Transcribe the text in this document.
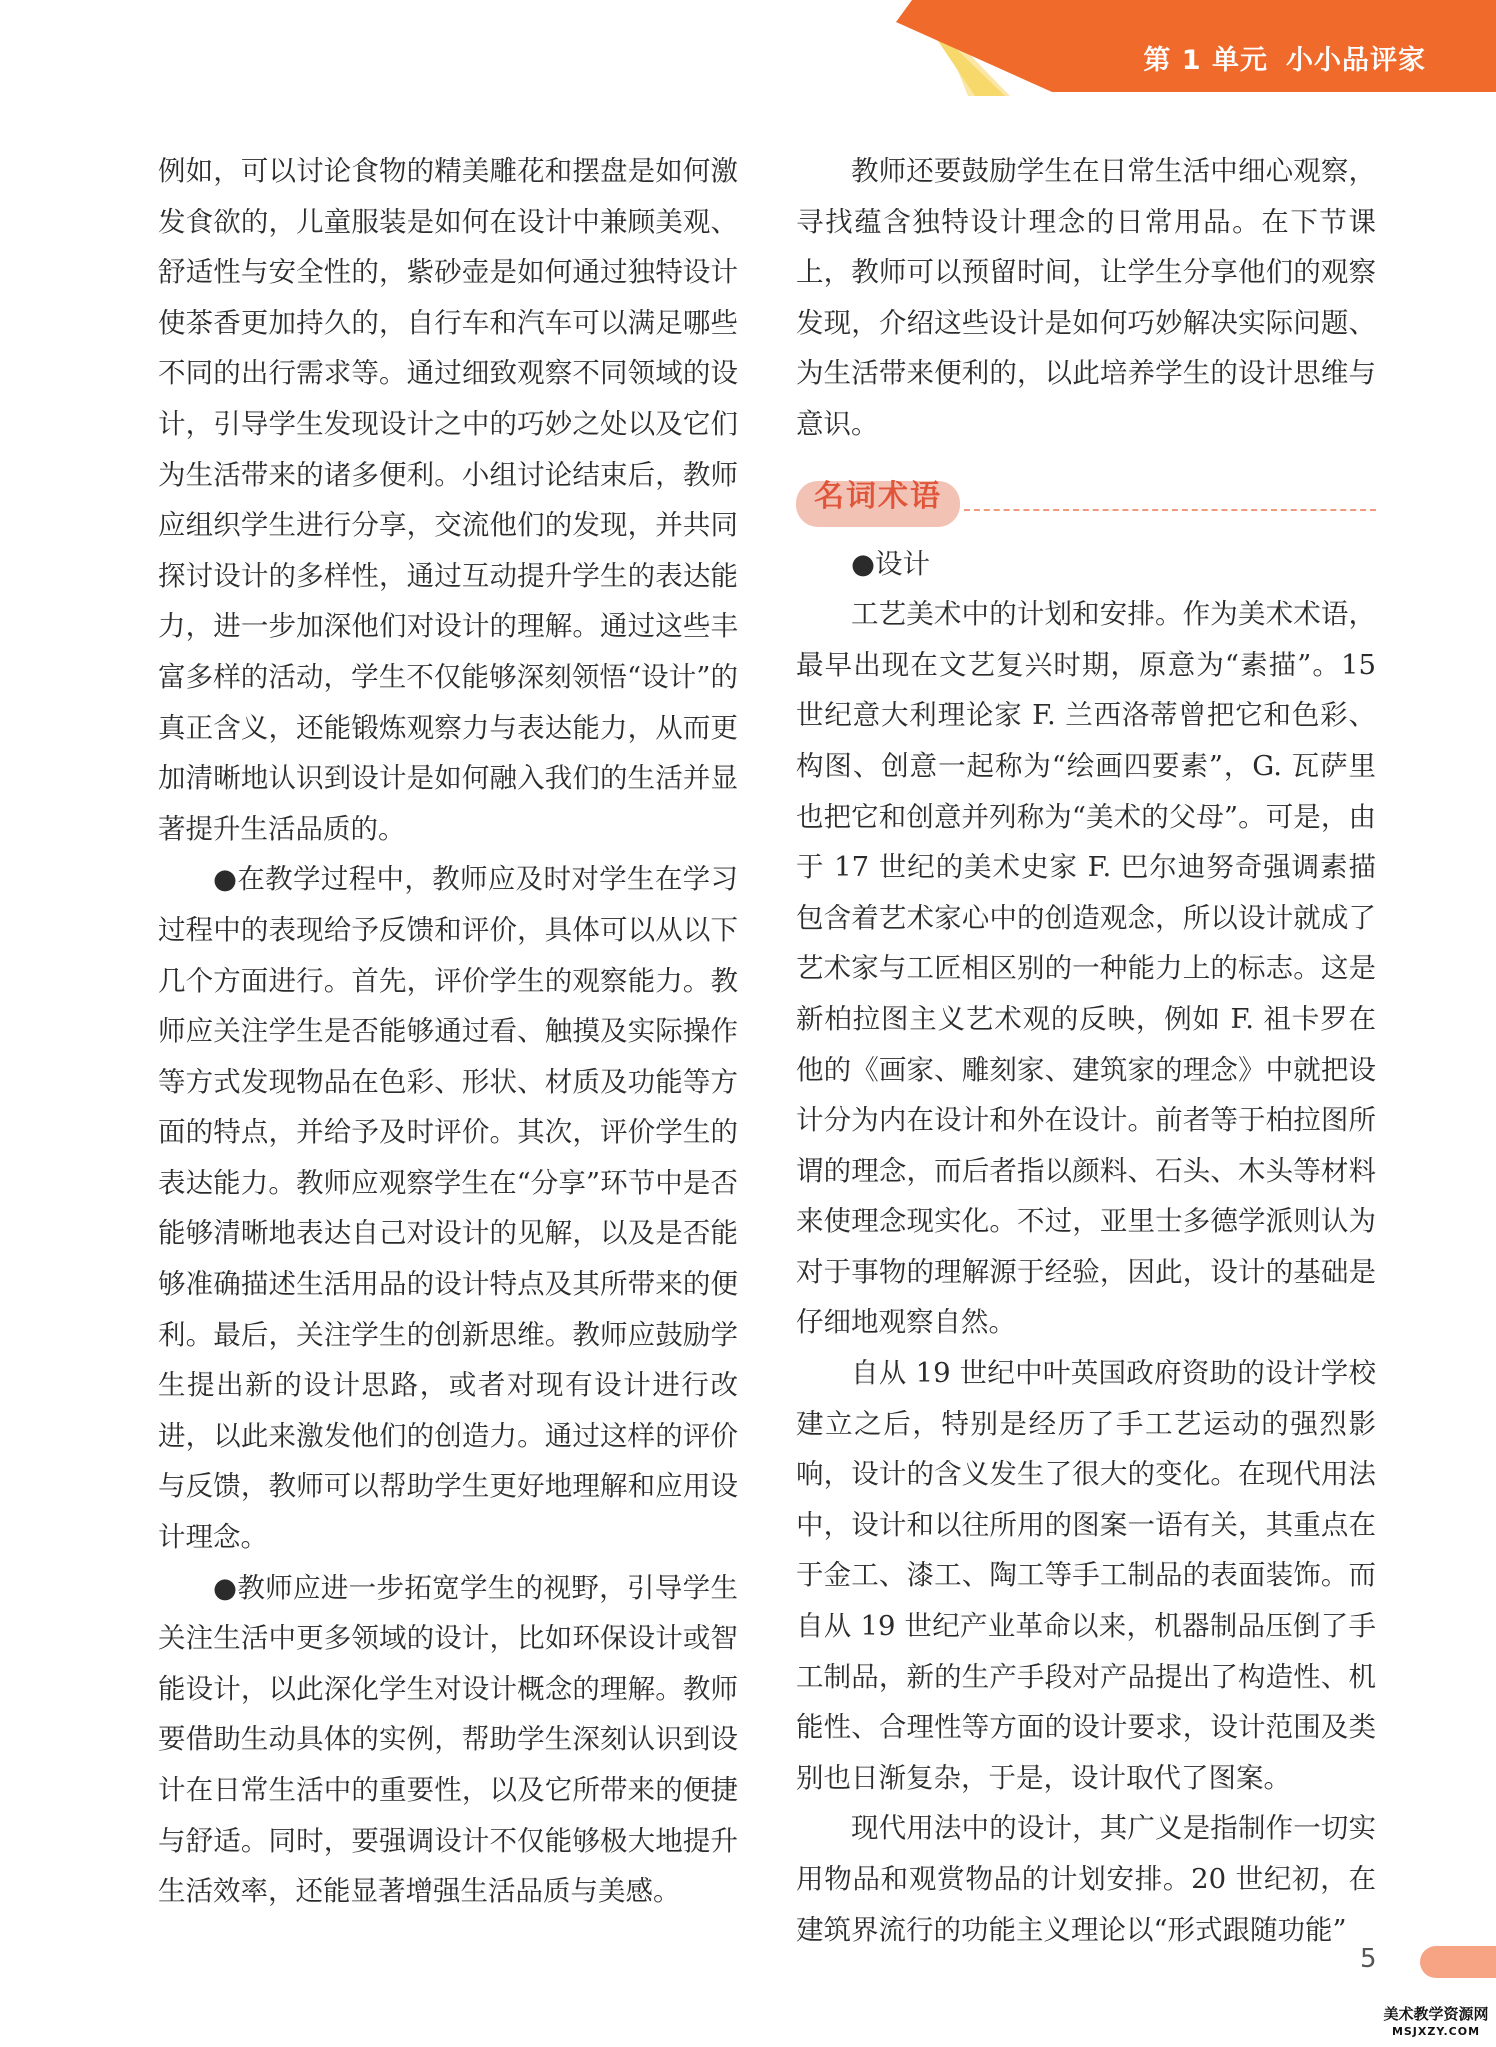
第 1 单元 小小品评家

例如，可以讨论食物的精美雕花和摆盘是如何激发食欲的，儿童服装是如何在设计中兼顾美观、舒适性与安全性的，紫砂壶是如何通过独特设计使茶香更加持久的，自行车和汽车可以满足哪些不同的出行需求等。通过细致观察不同领域的设计，引导学生发现设计之中的巧妙之处以及它们为生活带来的诸多便利。小组讨论结束后，教师应组织学生进行分享，交流他们的发现，并共同探讨设计的多样性，通过互动提升学生的表达能力，进一步加深他们对设计的理解。通过这些丰富多样的活动，学生不仅能够深刻领悟“设计”的真正含义，还能锻炼观察力与表达能力，从而更加清晰地认识到设计是如何融入我们的生活并显著提升生活品质的。

●在教学过程中，教师应及时对学生在学习过程中的表现给予反馈和评价，具体可以从以下几个方面进行。首先，评价学生的观察能力。教师应关注学生是否能够通过看、触摸及实际操作等方式发现物品在色彩、形状、材质及功能等方面的特点，并给予及时评价。其次，评价学生的表达能力。教师应观察学生在“分享”环节中是否能够清晰地表达自己对设计的见解，以及是否能够准确描述生活用品的设计特点及其所带来的便利。最后，关注学生的创新思维。教师应鼓励学生提出新的设计思路，或者对现有设计进行改进，以此来激发他们的创造力。通过这样的评价与反馈，教师可以帮助学生更好地理解和应用设计理念。

●教师应进一步拓宽学生的视野，引导学生关注生活中更多领域的设计，比如环保设计或智能设计，以此深化学生对设计概念的理解。教师要借助生动具体的实例，帮助学生深刻认识到设计在日常生活中的重要性，以及它所带来的便捷与舒适。同时，要强调设计不仅能够极大地提升生活效率，还能显著增强生活品质与美感。

教师还要鼓励学生在日常生活中细心观察，寻找蕴含独特设计理念的日常用品。在下节课上，教师可以预留时间，让学生分享他们的观察发现，介绍这些设计是如何巧妙解决实际问题、为生活带来便利的，以此培养学生的设计思维与意识。

名词术语

●设计

工艺美术中的计划和安排。作为美术术语，最早出现在文艺复兴时期，原意为“素描”。15 世纪意大利理论家 F. 兰西洛蒂曾把它和色彩、构图、创意一起称为“绘画四要素”，G. 瓦萨里也把它和创意并列称为“美术的父母”。可是，由于 17 世纪的美术史家 F. 巴尔迪努奇强调素描包含着艺术家心中的创造观念，所以设计就成了艺术家与工匠相区别的一种能力上的标志。这是新柏拉图主义艺术观的反映，例如 F. 祖卡罗在他的《画家、雕刻家、建筑家的理念》中就把设计分为内在设计和外在设计。前者等于柏拉图所谓的理念，而后者指以颜料、石头、木头等材料来使理念现实化。不过，亚里士多德学派则认为对于事物的理解源于经验，因此，设计的基础是仔细地观察自然。

自从 19 世纪中叶英国政府资助的设计学校建立之后，特别是经历了手工艺运动的强烈影响，设计的含义发生了很大的变化。在现代用法中，设计和以往所用的图案一语有关，其重点在于金工、漆工、陶工等手工制品的表面装饰。而自从 19 世纪产业革命以来，机器制品压倒了手工制品，新的生产手段对产品提出了构造性、机能性、合理性等方面的设计要求，设计范围及类别也日渐复杂，于是，设计取代了图案。

现代用法中的设计，其广义是指制作一切实用物品和观赏物品的计划安排。20 世纪初，在建筑界流行的功能主义理论以“形式跟随功能”

5
美术教学资源网
MSJXZY.COM
